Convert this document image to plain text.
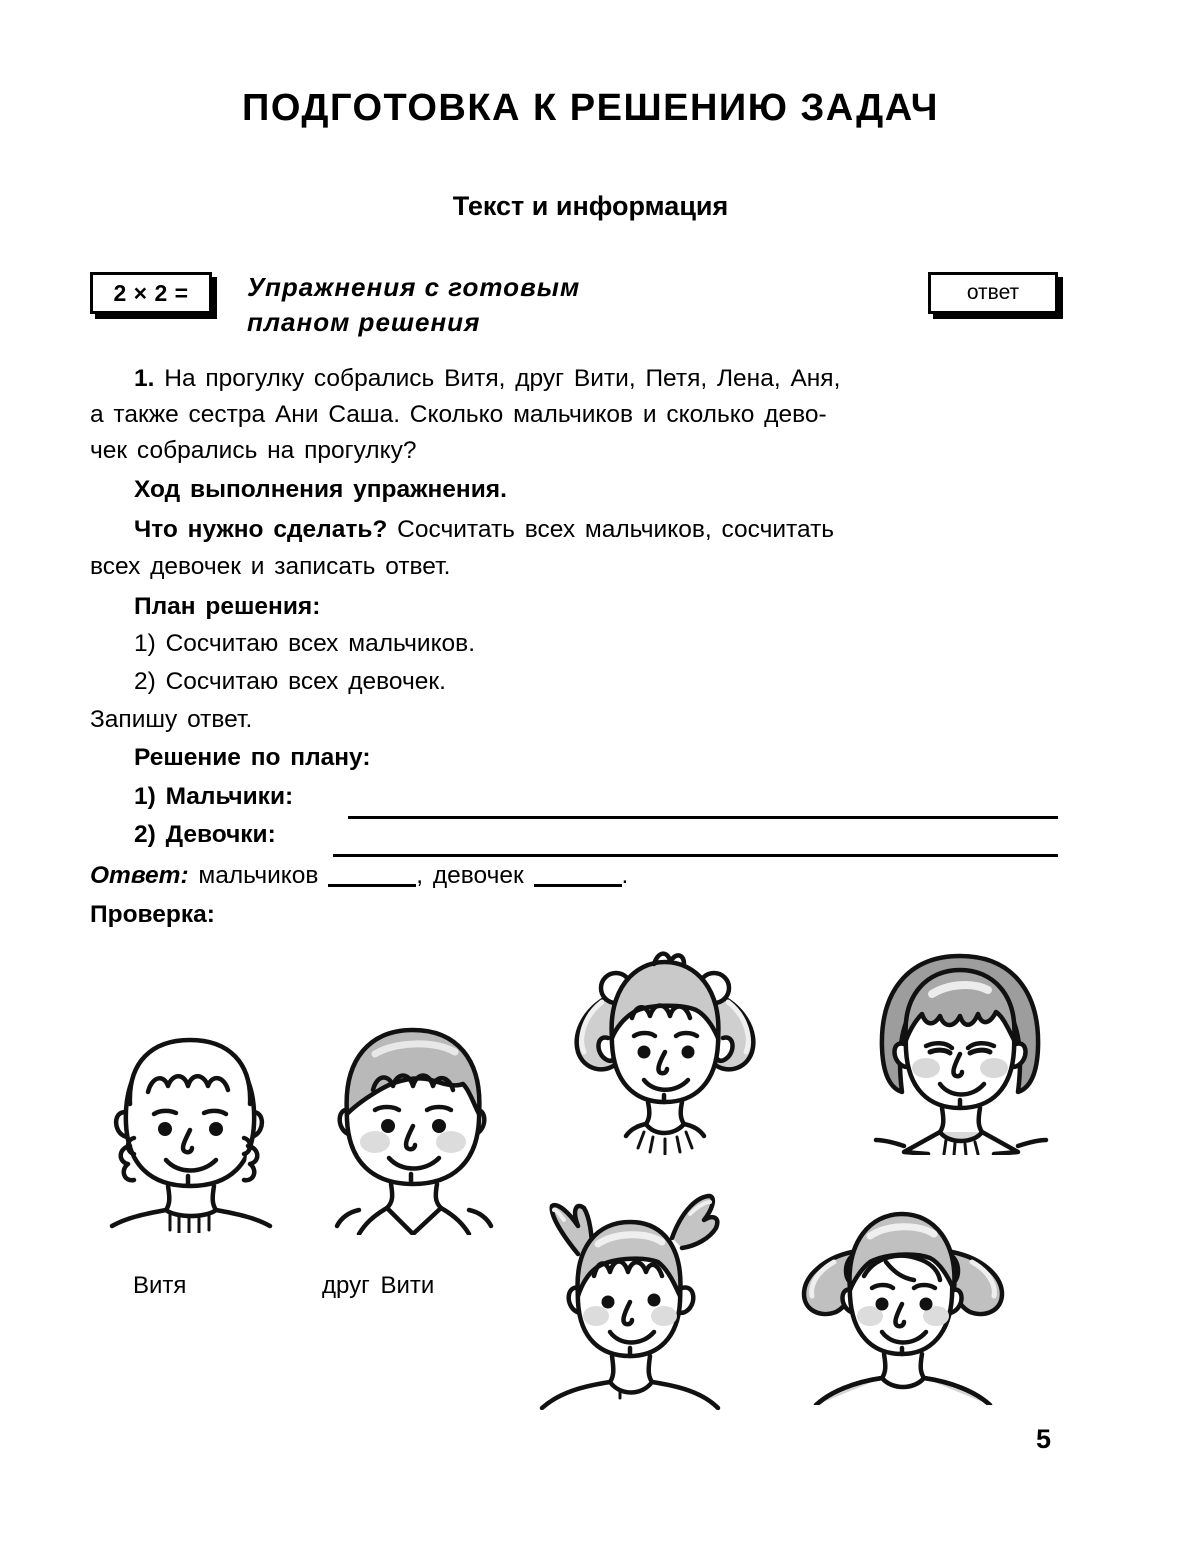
ПОДГОТОВКА К РЕШЕНИЮ ЗАДАЧ
Текст и информация
2 × 2 = Упражнения с готовым
планом решения
ответ
1. На прогулку собрались Витя, друг Вити, Петя, Лена, Аня,
а также сестра Ани Саша. Сколько мальчиков и сколько дево-
чек собрались на прогулку?
Ход выполнения упражнения.
Что нужно сделать? Сосчитать всех мальчиков, сосчитать
всех девочек и записать ответ.
План решения:
1) Сосчитаю всех мальчиков.
2) Сосчитаю всех девочек.
Запишу ответ.
Решение по плану:
1) Мальчики:
2) Девочки:
Ответ: мальчиков	, девочек	.
Проверка:
Витя	друг Вити
5
